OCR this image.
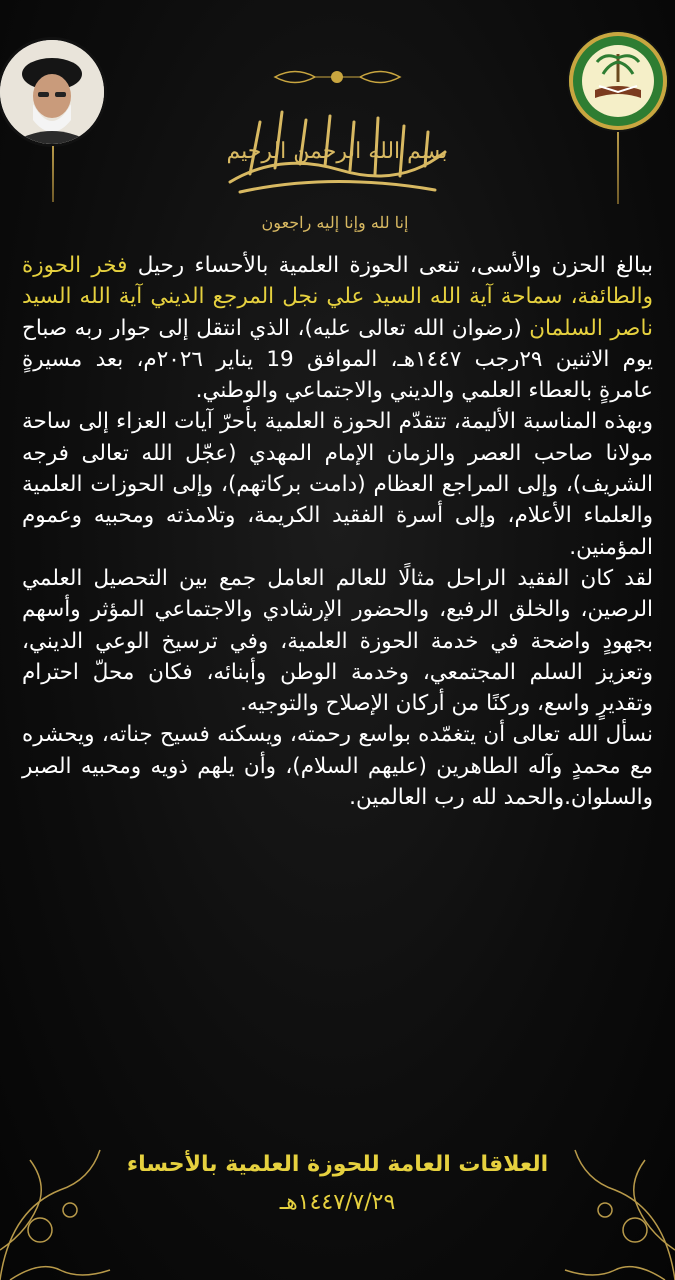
بسم الله الرحمن الرحيم
إنا لله وإنا إليه راجعون

ببالغ الحزن والأسى، تنعى الحوزة العلمية بالأحساء رحيل فخر الحوزة والطائفة، سماحة آية الله السيد علي نجل المرجع الديني آية الله السيد ناصر السلمان (رضوان الله تعالى عليه)، الذي انتقل إلى جوار ربه صباح يوم الاثنين ٢٩رجب ١٤٤٧هـ، الموافق 19 يناير ٢٠٢٦م، بعد مسيرةٍ عامرةٍ بالعطاء العلمي والديني والاجتماعي والوطني.

وبهذه المناسبة الأليمة، تتقدّم الحوزة العلمية بأحرّ آيات العزاء إلى ساحة مولانا صاحب العصر والزمان الإمام المهدي (عجّل الله تعالى فرجه الشريف)، وإلى المراجع العظام (دامت بركاتهم)، وإلى الحوزات العلمية والعلماء الأعلام، وإلى أسرة الفقيد الكريمة، وتلامذته ومحبيه وعموم المؤمنين.

لقد كان الفقيد الراحل مثالًا للعالم العامل جمع بين التحصيل العلمي الرصين، والخلق الرفيع، والحضور الإرشادي والاجتماعي المؤثر وأسهم بجهودٍ واضحة في خدمة الحوزة العلمية، وفي ترسيخ الوعي الديني، وتعزيز السلم المجتمعي، وخدمة الوطن وأبنائه، فكان محلّ احترام وتقديرٍ واسع، وركنًا من أركان الإصلاح والتوجيه.

نسأل الله تعالى أن يتغمّده بواسع رحمته، ويسكنه فسيح جناته، ويحشره مع محمدٍ وآله الطاهرين (عليهم السلام)، وأن يلهم ذويه ومحبيه الصبر والسلوان.والحمد لله رب العالمين.

العلاقات العامة للحوزة العلمية بالأحساء
١٤٤٧/٧/٢٩هـ
